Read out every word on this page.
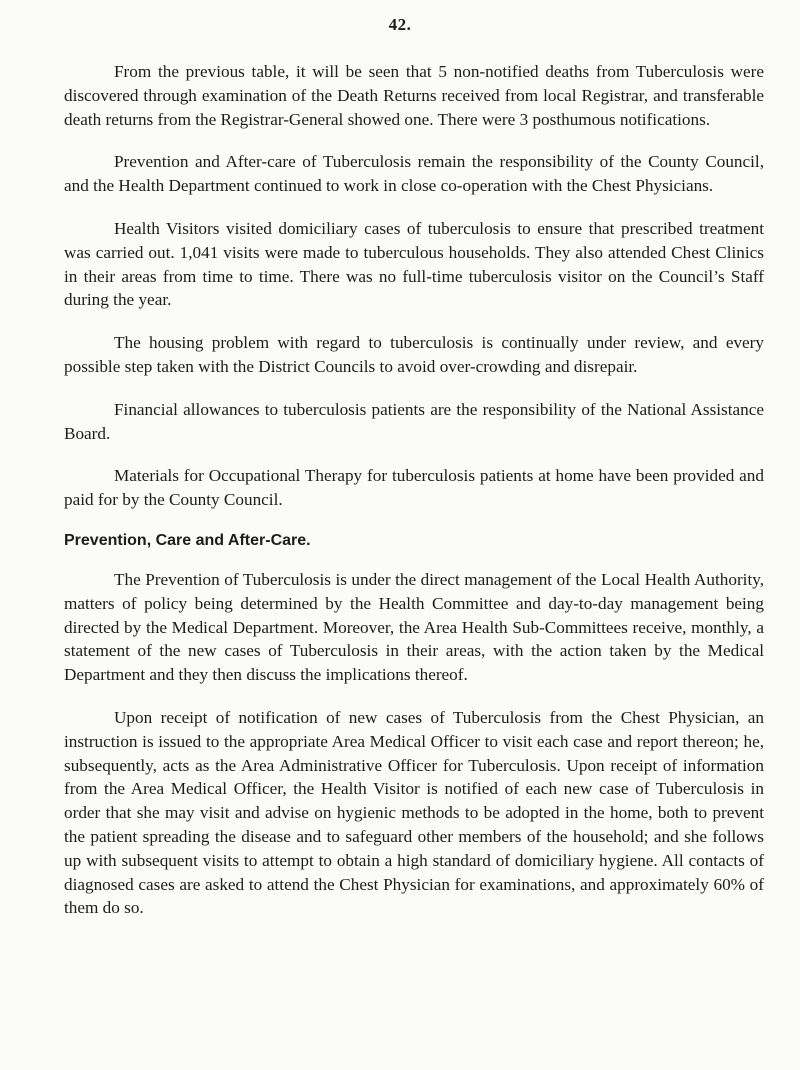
42.

From the previous table, it will be seen that 5 non-notified deaths from Tuberculosis were discovered through examination of the Death Returns received from local Registrar, and transferable death returns from the Registrar-General showed one. There were 3 posthumous notifications.

Prevention and After-care of Tuberculosis remain the responsibility of the County Council, and the Health Department continued to work in close co-operation with the Chest Physicians.

Health Visitors visited domiciliary cases of tuberculosis to ensure that prescribed treatment was carried out. 1,041 visits were made to tuberculous households. They also attended Chest Clinics in their areas from time to time. There was no full-time tuberculosis visitor on the Council’s Staff during the year.

The housing problem with regard to tuberculosis is continually under review, and every possible step taken with the District Councils to avoid over-crowding and disrepair.

Financial allowances to tuberculosis patients are the responsibility of the National Assistance Board.

Materials for Occupational Therapy for tuberculosis patients at home have been provided and paid for by the County Council.

Prevention, Care and After-Care.

The Prevention of Tuberculosis is under the direct management of the Local Health Authority, matters of policy being determined by the Health Committee and day-to-day management being directed by the Medical Department. Moreover, the Area Health Sub-Committees receive, monthly, a statement of the new cases of Tuberculosis in their areas, with the action taken by the Medical Department and they then discuss the implications thereof.

Upon receipt of notification of new cases of Tuberculosis from the Chest Physician, an instruction is issued to the appropriate Area Medical Officer to visit each case and report thereon; he, subsequently, acts as the Area Administrative Officer for Tuberculosis. Upon receipt of information from the Area Medical Officer, the Health Visitor is notified of each new case of Tuberculosis in order that she may visit and advise on hygienic methods to be adopted in the home, both to prevent the patient spreading the disease and to safeguard other members of the household; and she follows up with subsequent visits to attempt to obtain a high standard of domiciliary hygiene. All contacts of diagnosed cases are asked to attend the Chest Physician for examinations, and approximately 60% of them do so.
